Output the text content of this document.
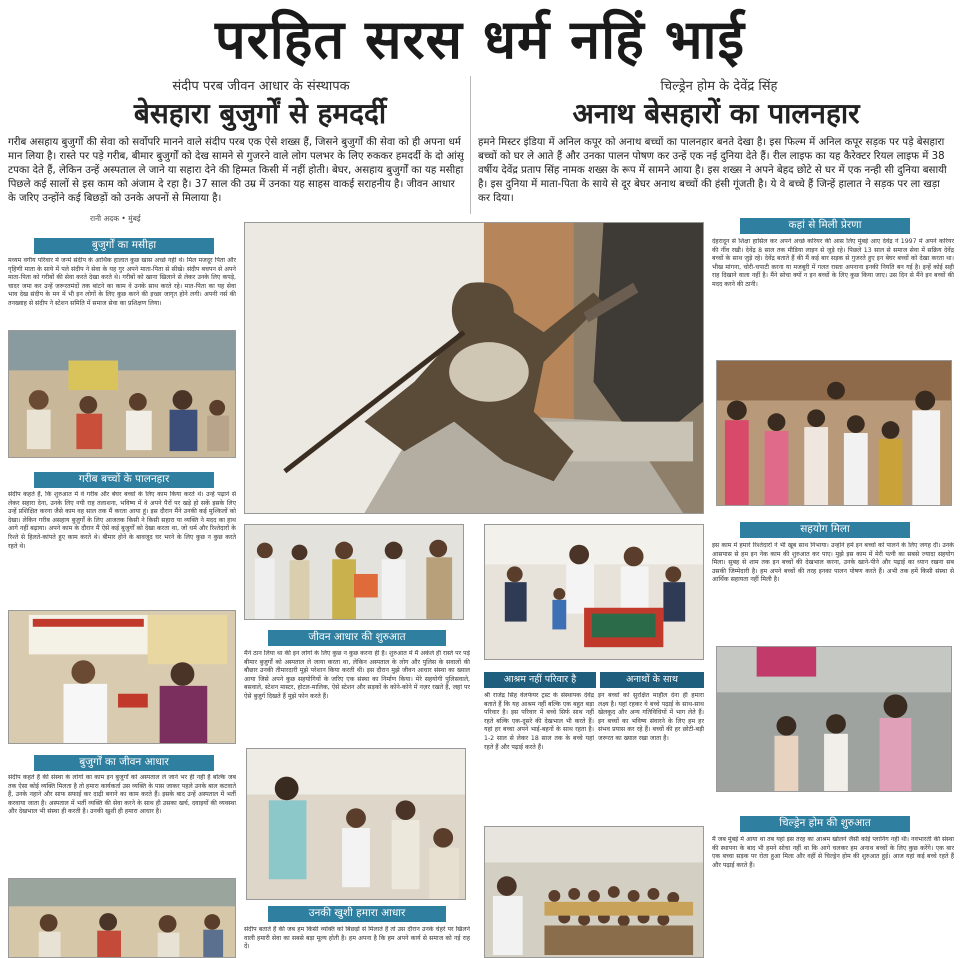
परहित सरस धर्म नहिं भाई
संदीप परब जीवन आधार के संस्थापक	चिल्ड्रेन होम के देवेंद्र सिंह
बेसहारा बुजुर्गों से हमदर्दी	अनाथ बेसहारों का पालनहार
गरीब असहाय बुजुर्गों की सेवा को सर्वोपरि मानने वाले संदीप परब एक ऐसे शख्स हैं, जिसने बुजुर्गों की सेवा को ही अपना धर्म मान लिया है। रास्ते पर पड़े गरीब, बीमार बुजुर्गों को देख सामने से गुजरने वाले लोग पलभर के लिए रुककर हमदर्दी के दो आंसू टपका देते हैं, लेकिन उन्हें अस्पताल ले जाने या सहारा देने की हिम्मत किसी में नहीं होती। बेघर, असहाय बुजुर्गों का यह मसीहा पिछले कई सालों से इस काम को अंजाम दे रहा है। 37 साल की उम्र में उनका यह साहस वाकई सराहनीय है। जीवन आधार के जरिए उन्होंने कई बिछड़ों को उनके अपनों से मिलाया है।
हमने मिस्टर इंडिया में अनिल कपूर को अनाथ बच्चों का पालनहार बनते देखा है। इस फिल्म में अनिल कपूर सड़क पर पड़े बेसहारा बच्चों को घर ले आते हैं और उनका पालन पोषण कर उन्हें एक नई दुनिया देते हैं। रील लाइफ का यह कैरेक्टर रियल लाइफ में 38 वर्षीय देवेंद्र प्रताप सिंह नामक शख्स के रूप में सामने आया है। इस शख्स ने अपने बेहद छोटे से घर में एक नन्ही सी दुनिया बसायी है। इस दुनिया में माता-पिता के साये से दूर बेघर अनाथ बच्चों की हंसी गूंजती है। ये वे बच्चे हैं जिन्हें हालात ने सड़क पर ला खड़ा कर दिया।
रानी अदक • मुंबई
बुजुर्गों का मसीहा
मध्यम वर्गीय परिवार में जन्मे संदीप के आर्थिक हालात कुछ खास अच्छे नहीं थे। मिल मजदूर पिता और गृहिणी माता के साये में पले संदीप ने सेवा के यह गुर अपने माता-पिता से सीखे। संदीप बचपन से अपने माता-पिता को गरीबों की सेवा करते देखा करते थे। गरीबों को खाना खिलाने से लेकर उनके लिए कपड़े, चादर जमा कर उन्हें जरूरतमंदों तक बांटने का काम वे उनके साथ करते रहे। मात-पिता का यह सेवा भाव देख संदीप के मन में भी इन लोगों के लिए कुछ करने की इच्छा जागृत होने लगी। अपनी नर्स की तनख्वाह से संदीप ने स्टेशन समिति में समाज सेवा का प्रशिक्षण लिया।
गरीब बच्चों के पालनहार
संदीप कहते हैं, कि शुरुआत में वे गरीब और बेघर बच्चों के लिए काम किया करते थे। उन्हें पढ़ाने से लेकर सहारा देना, उनके लिए नयी राह तलाशना, भविष्य में वे अपने पैरों पर खड़े हो सकें इसके लिए उन्हें प्रशिक्षित करना जैसे काम वह साल तक मैं करता आया हूं। इस दौरान मैंने उनकी कई मुश्किलों को देखा। लेकिन गरीब असहाय बुजुर्गों के लिए आजतक किसी ने किसी सहारा या व्यक्ति ने मदद का हाथ आगे नहीं बढ़ाया। अपने काम के दौरान मैं ऐसे कई बुजुर्गों को देखा करता था, जो धर्म और रिश्तेदारों के रिश्ते से हिलते-कांपते हुए काम करते थे। बीमार होने के बावजूद घर भरने के लिए कुछ न कुछ करते रहते थे।
बुजुर्गों का जीवन आधार
संदीप कहते हैं की संस्था के लोगों का काम इन बुजुर्गों को अस्पताल ले जाने भर ही नहीं है बल्कि जब तक ऐसा कोई व्यक्ति मिलता है तो हमारा कार्यकर्ता उस व्यक्ति के पास जाकर पहले उनके बाल कटवाते हैं, उनके नहाने और साफ सफाई कर दाढ़ी बनाने का काम करते हैं। इसके बाद उन्हें अस्पताल में भर्ती करवाया जाता है। अस्पताल में भर्ती व्यक्ति की सेवा करने के साथ ही उसका खर्च, दवाइयों की व्यवस्था और देखभाल भी संस्था ही करती है। उनकी खुशी ही हमारा आधार है।
जीवन आधार की शुरुआत
मैंने ठान लिया था की इन लोगों के लिए कुछ न कुछ करना ही है। शुरुआत में मैं अकेले ही रास्ते पर पड़े बीमार बुजुर्गों को अस्पताल ले जाया करता था, लेकिन अस्पताल के लोग और पुलिस के सवालों की बौछार उनकी तीमारदारी मुझे परेशान किया करती थी। इस दौरान मुझे जीवन आधार संस्था का ख्याल आया जिसे अपने कुछ सहयोगियों के जरिए एक संस्था का निर्माण किया। मेरे सहयोगी पुलिसवाले, बसवाले, स्टेशन मास्टर, होटल-मालिक, ऐसे स्टेशन और सड़कों के कोने-कोने में नज़र रखते हैं, जहां पर ऐसे बुजुर्ग दिखते हैं मुझे फोन करते हैं।
उनकी खुशी हमारा आधार
संदीप बताते हैं की जब हम किसी व्यक्ति को बिछड़ों से मिलाते हैं तो उस दौरान उनके चेहरे पर खिलने वाली हमारी सेवा का सबसे बड़ा मूल्य होती है। हम अपना है कि हम अपने कार्य से समाज को नई राह दें।
आश्रम नहीं परिवार है	अनाथों के साथ
श्री राजेंद्र सिंह वेलफेयर ट्रस्ट के संस्थापक देवेंद्र बताते हैं कि यह आश्रम नहीं बल्कि एक बहुत बड़ा परिवार है। इस परिवार में बच्चे सिर्फ साथ नहीं रहते बल्कि एक-दूसरे की देखभाल भी करते हैं। यहां हर बच्चा अपने भाई-बहनों के साथ रहता है। 1-2 साल से लेकर 18 साल तक के बच्चे यहां रहते हैं और पढ़ाई करते हैं।
इन बच्चों को सुरक्षित माहौल देना ही हमारा लक्ष्य है। यहां रहकर ये बच्चे पढ़ाई के साथ-साथ खेलकूद और अन्य गतिविधियों में भाग लेते हैं। इन बच्चों का भविष्य संवारने के लिए हम हर संभव प्रयास कर रहे हैं। बच्चों की हर छोटी-बड़ी जरूरत का ख्याल रखा जाता है।
कहां से मिली प्रेरणा
देहरादून से शिक्षा हासिल कर अपने अच्छे करियर की आस लिए मुंबई आए देवेंद्र ने 1997 में अपने करियर की नींव रखी। देवेंद्र 8 साल तक मीडिया लाइन से जुड़े रहे। पिछले 13 साल से समाज सेवा में सक्रिय देवेंद्र बच्चों के साथ जुड़े रहे। देवेंद्र बताते हैं की मैं कई बार सड़क से गुजरते हुए इन बेघर बच्चों को देखा करता था। भीख मांगना, चोरी-चपाटी करना या मजबूरी में गलत रास्ता अपनाना इनकी नियति बन गई है। इन्हें कोई सही राह दिखाने वाला नहीं है। मैंने सोचा क्यों न इन बच्चों के लिए कुछ किया जाए। उस दिन से मैंने इन बच्चों की मदद करने की ठानी।
सहयोग मिला
इस काम में हमारे रिश्तेदारों ने भी खूब साथ निभाया। उन्होंने हमें इन बच्चों को पालने के लिए जगह दी। उनके आसपास से हम इन नेक काम की शुरुआत कर पाए। मुझे इस काम में मेरी पत्नी का सबसे ज्यादा सहयोग मिला। सुबह से शाम तक इन बच्चों की देखभाल करना, उनके खाने-पीने और पढ़ाई का ध्यान रखना सब उसकी जिम्मेदारी है। हम अपने बच्चों की तरह इनका पालन पोषण करते हैं। अभी तक हमें किसी संस्था से आर्थिक सहायता नहीं मिली है।
चिल्ड्रेन होम की शुरुआत
मैं जब मुंबई में आया था तब यहां इस तरह का आश्रम खोलने जैसी कोई प्लानिंग नहीं थी। नवभारती की संस्था की स्थापना के बाद भी हमने सोचा नहीं था कि आगे चलकर हम अनाथ बच्चों के लिए कुछ करेंगे। एक बार एक बच्चा सड़क पर रोता हुआ मिला और वहीं से चिल्ड्रेन होम की शुरुआत हुई। आज यहां कई बच्चे रहते हैं और पढ़ाई करते हैं।
